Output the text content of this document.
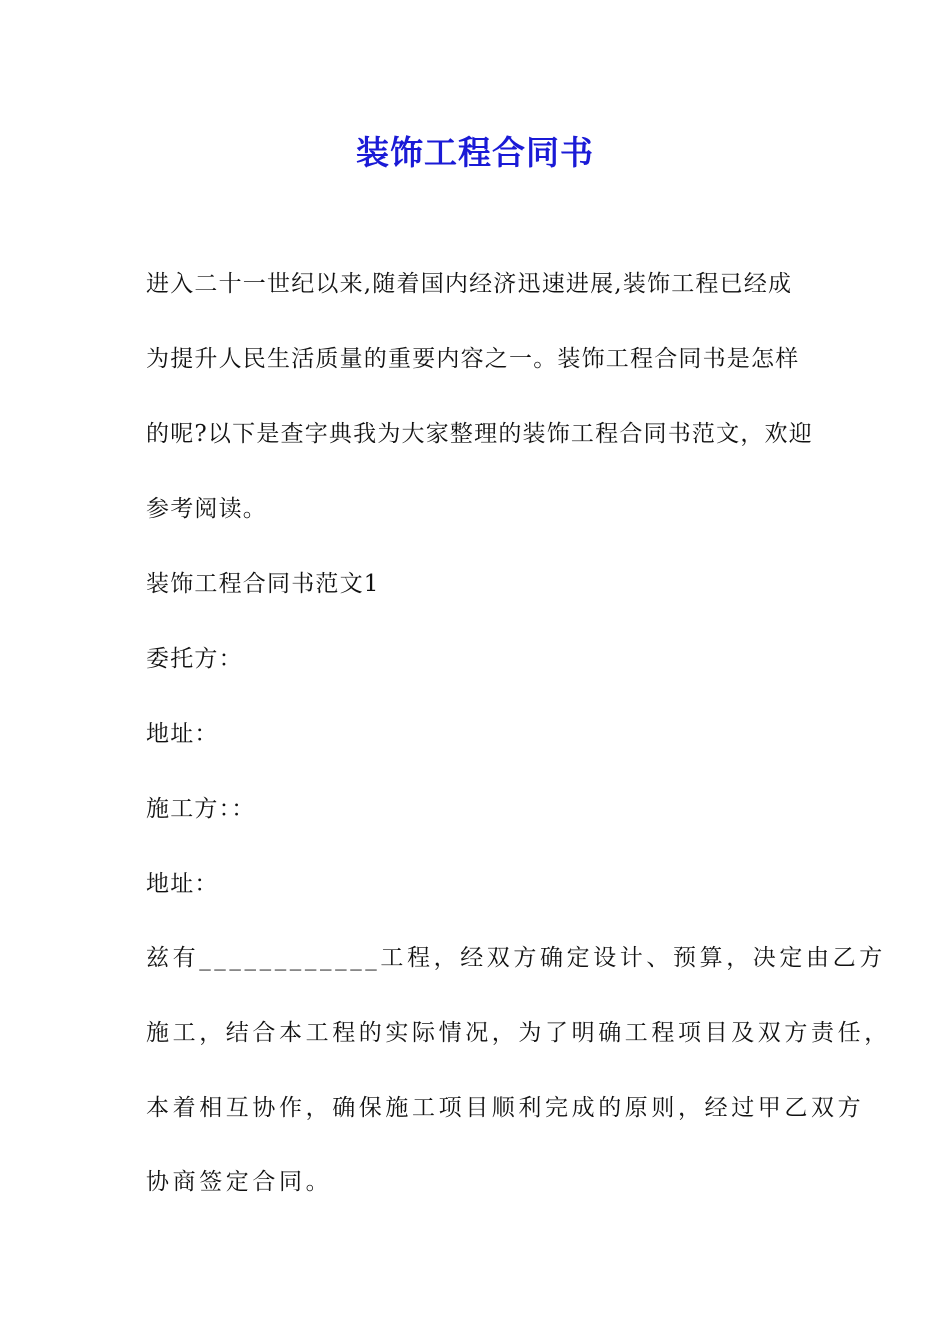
装饰工程合同书
进入二十一世纪以来,随着国内经济迅速进展,装饰工程已经成
为提升人民生活质量的重要内容之一。装饰工程合同书是怎样
的呢?以下是查字典我为大家整理的装饰工程合同书范文，欢迎
参考阅读。
装饰工程合同书范文1
委托方：
地址：
施工方：：
地址：
兹有____________工程，经双方确定设计、预算，决定由乙方
施工，结合本工程的实际情况，为了明确工程项目及双方责任，
本着相互协作，确保施工项目顺利完成的原则，经过甲乙双方
协商签定合同。
